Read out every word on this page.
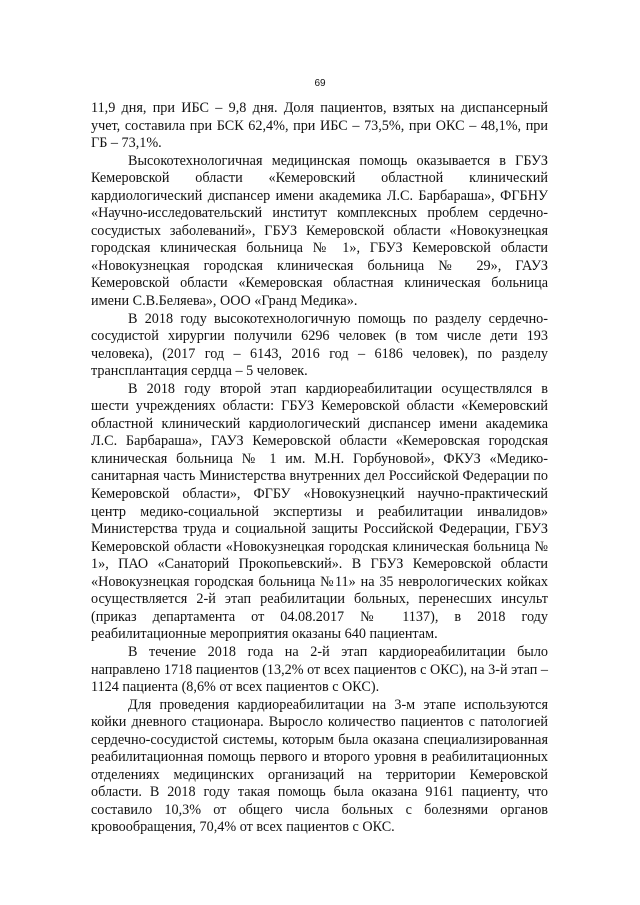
69

11,9 дня, при ИБС – 9,8 дня. Доля пациентов, взятых на диспансерный учет, составила при БСК 62,4%, при ИБС – 73,5%, при ОКС – 48,1%, при ГБ – 73,1%.

Высокотехнологичная медицинская помощь оказывается в ГБУЗ Кемеровской области «Кемеровский областной клинический кардиологический диспансер имени академика Л.С. Барбараша», ФГБНУ «Научно-исследовательский институт комплексных проблем сердечно-сосудистых заболеваний», ГБУЗ Кемеровской области «Новокузнецкая городская клиническая больница № 1», ГБУЗ Кемеровской области «Новокузнецкая городская клиническая больница № 29», ГАУЗ Кемеровской области «Кемеровская областная клиническая больница имени С.В.Беляева», ООО «Гранд Медика».

В 2018 году высокотехнологичную помощь по разделу сердечно-сосудистой хирургии получили 6296 человек (в том числе дети 193 человека), (2017 год – 6143, 2016 год – 6186 человек), по разделу трансплантация сердца – 5 человек.

В 2018 году второй этап кардиореабилитации осуществлялся в шести учреждениях области: ГБУЗ Кемеровской области «Кемеровский областной клинический кардиологический диспансер имени академика Л.С. Барбараша», ГАУЗ Кемеровской области «Кемеровская городская клиническая больница № 1 им. М.Н. Горбуновой», ФКУЗ «Медико-санитарная часть Министерства внутренних дел Российской Федерации по Кемеровской области», ФГБУ «Новокузнецкий научно-практический центр медико-социальной экспертизы и реабилитации инвалидов» Министерства труда и социальной защиты Российской Федерации, ГБУЗ Кемеровской области «Новокузнецкая городская клиническая больница № 1», ПАО «Санаторий Прокопьевский». В ГБУЗ Кемеровской области «Новокузнецкая городская больница №11» на 35 неврологических койках осуществляется 2-й этап реабилитации больных, перенесших инсульт (приказ департамента от 04.08.2017 № 1137), в 2018 году реабилитационные мероприятия оказаны 640 пациентам.

В течение 2018 года на 2-й этап кардиореабилитации было направлено 1718 пациентов (13,2% от всех пациентов с ОКС), на 3-й этап – 1124 пациента (8,6% от всех пациентов с ОКС).

Для проведения кардиореабилитации на 3-м этапе используются койки дневного стационара. Выросло количество пациентов с патологией сердечно-сосудистой системы, которым была оказана специализированная реабилитационная помощь первого и второго уровня в реабилитационных отделениях медицинских организаций на территории Кемеровской области. В 2018 году такая помощь была оказана 9161 пациенту, что составило 10,3% от общего числа больных с болезнями органов кровообращения, 70,4% от всех пациентов с ОКС.
